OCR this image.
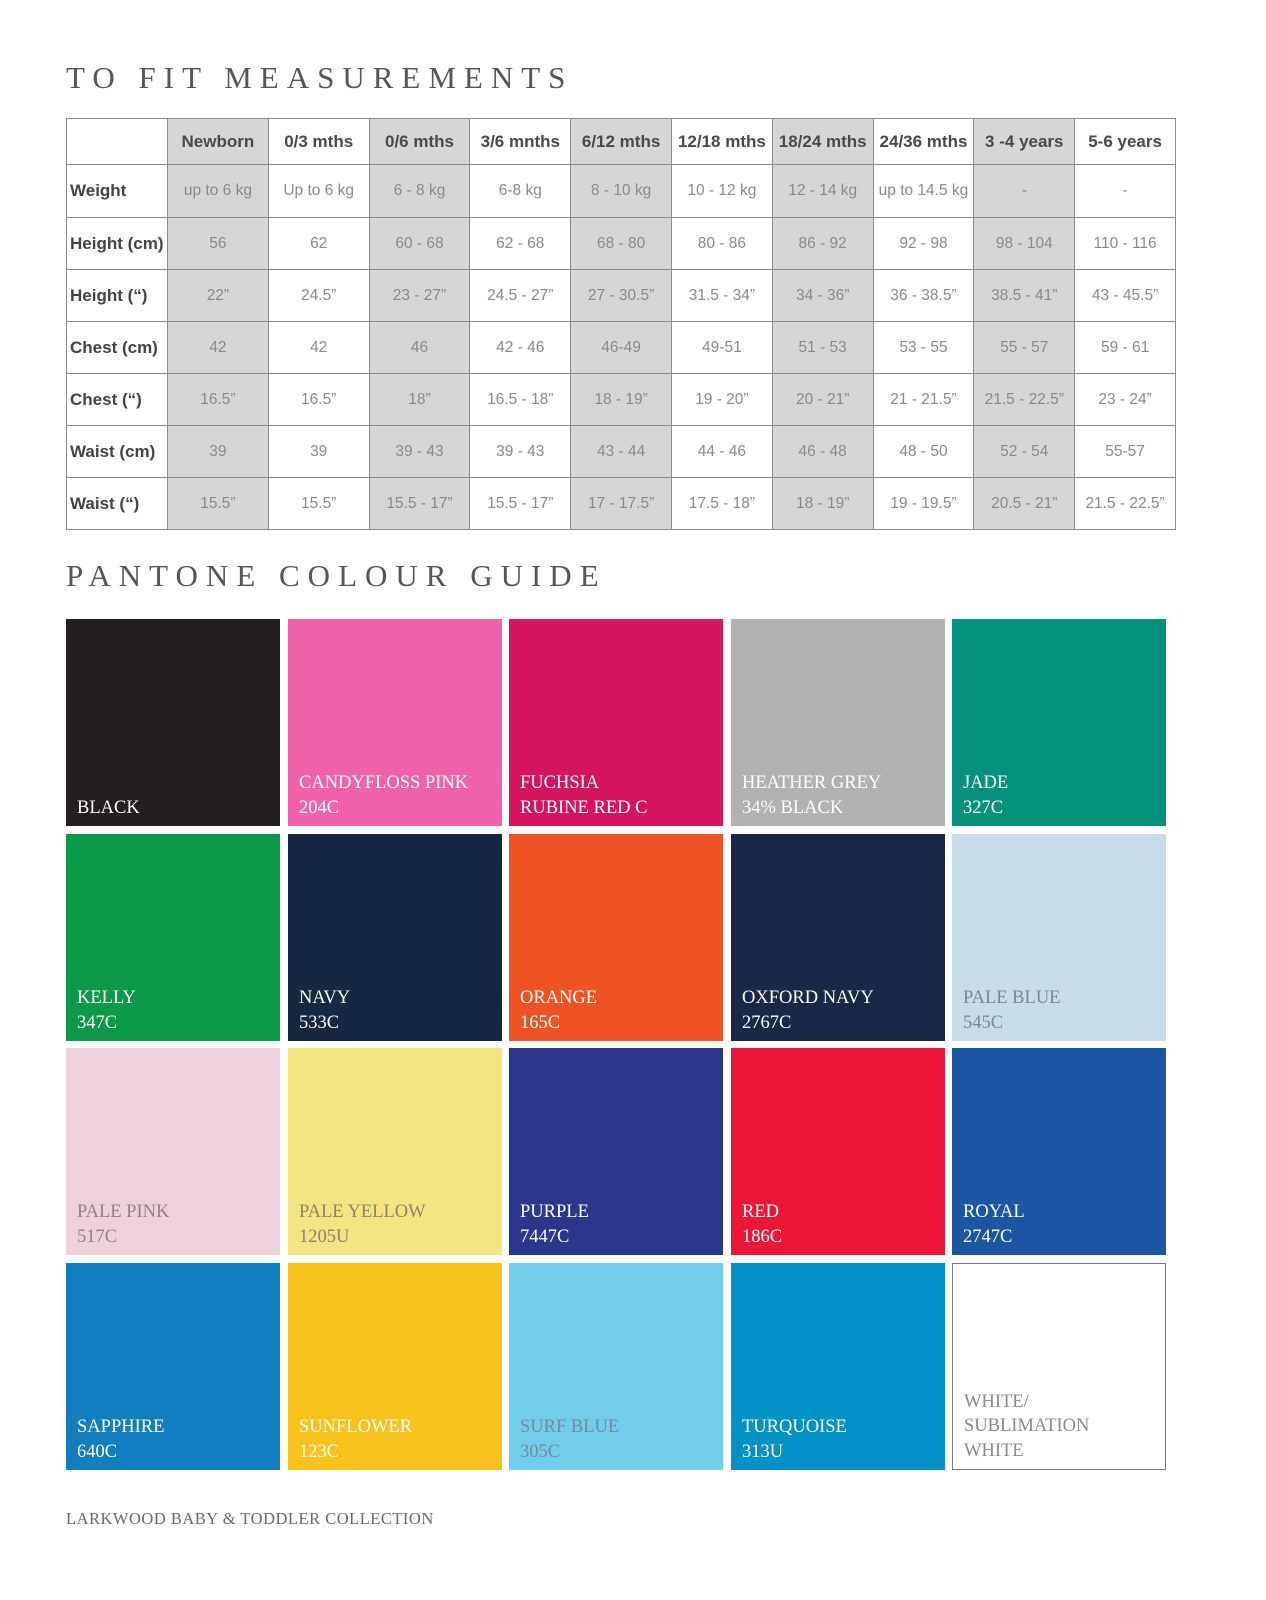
TO FIT MEASUREMENTS
	Newborn	0/3 mths	0/6 mths	3/6 mnths	6/12 mths	12/18 mths	18/24 mths	24/36 mths	3 -4 years	5-6 years
Weight	up to 6 kg	Up to 6 kg	6 - 8 kg	6-8 kg	8 - 10 kg	10 - 12 kg	12 - 14 kg	up to 14.5 kg	-	-
Height (cm)	56	62	60 - 68	62 - 68	68 - 80	80 - 86	86 - 92	92 - 98	98 - 104	110 - 116
Height (“)	22”	24.5”	23 - 27”	24.5 - 27”	27 - 30.5”	31.5 - 34”	34 - 36”	36 - 38.5”	38.5 - 41”	43 - 45.5”
Chest (cm)	42	42	46	42 - 46	46-49	49-51	51 - 53	53 - 55	55 - 57	59 - 61
Chest (“)	16.5”	16.5”	18”	16.5 - 18”	18 - 19”	19 - 20”	20 - 21”	21 - 21.5”	21.5 - 22.5”	23 - 24”
Waist (cm)	39	39	39 - 43	39 - 43	43 - 44	44 - 46	46 - 48	48 - 50	52 - 54	55-57
Waist (“)	15.5”	15.5”	15.5 - 17”	15.5 - 17”	17 - 17.5”	17.5 - 18”	18 - 19”	19 - 19.5”	20.5 - 21”	21.5 - 22.5”
PANTONE COLOUR GUIDE

BLACK

CANDYFLOSS PINK
204C

FUCHSIA
RUBINE RED C

HEATHER GREY
34% BLACK

JADE
327C

KELLY
347C

NAVY
533C

ORANGE
165C

OXFORD NAVY
2767C

PALE BLUE
545C

PALE PINK
517C

PALE YELLOW
1205U

PURPLE
7447C

RED
186C

ROYAL
2747C

SAPPHIRE
640C

SUNFLOWER
123C

SURF BLUE
305C

TURQUOISE
313U

WHITE/
SUBLIMATION
WHITE

LARKWOOD BABY & TODDLER COLLECTION
